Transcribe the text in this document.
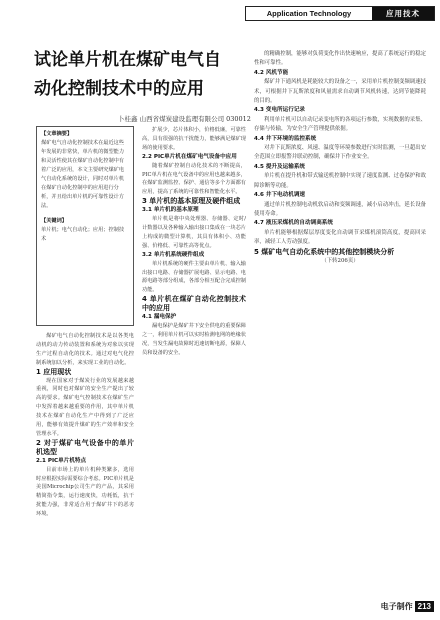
Application Technology	应用技术
试论单片机在煤矿电气自动化控制技术中的应用
卜桂鑫 山西省煤炭建设监理有限公司 030012
【文章摘要】
煤矿电气自动化控制技术在最近这些年发展的非常快，单片机的微型能力和灵活性使其在煤矿自动化控制中有着广泛的应用，本文主要研究煤矿电气自动化系统的设计，同时对单片机在煤矿自动化控制中的应用进行分析，并且给出单片机的可靠性设计方法。
【关键词】
单片机；电气自动化；应用；控制技术

煤矿电气自动化控制技术是以各类电动机的动力传动装置和系统为对象以实现生产过程自动化的技术。通过对电气化控制系统加以分析，来实现工业的自动化。

1 应用现状

现在国家对于煤炭行业的发展越来越重视，同时也对煤矿的安全生产提出了较高的要求。煤矿电气控制技术在煤矿生产中发挥着越来越重要的作用，其中单片机技术在煤矿自动化生产中得到了广泛应用，能够有效提升煤矿的生产效率和安全管理水平。

2 对于煤矿电气设备中的单片机选型

2.1 PIC单片机特点

目前市场上的单片机种类繁多，选用时应根据实际需要综合考虑。PIC单片机是美国Microchip公司生产的产品，其采用精简指令集，运行速度快，功耗低，抗干扰能力强，非常适合用于煤矿井下的恶劣环境。

扩展少，芯片体积小，价格低廉，可靠性高，具有很强的抗干扰能力，能够满足煤矿现场的使用要求。

2.2 PIC单片机在煤矿电气设备中应用

随着煤矿控制自动化技术的不断提高，PIC单片机在电气设备中的应用也越来越多，在煤矿监测监控、保护、通信等多个方面都有应用，提高了系统的可靠性和智能化水平。

3 单片机的基本原理及硬件组成

3.1 单片机的基本原理

单片机是将中央处理器、存储器、定时/计数器以及各种输入输出接口集成在一块芯片上构成的微型计算机，其具有体积小、功能强、价格低、可靠性高等优点。

3.2 单片机系统硬件组成

单片机系统的硬件主要由单片机、输入输出接口电路、存储器扩展电路、显示电路、电源电路等部分组成，各部分相互配合完成控制功能。

4 单片机在煤矿自动化控制技术中的应用

4.1 漏电保护

漏电保护是煤矿井下安全供电的重要保障之一，利用单片机可以实时检测电网的绝缘状况，当发生漏电故障时迅速切断电源，保障人员和设备的安全。

的精确控制，能够对负荷变化作出快速响应，提高了系统运行的稳定性和可靠性。

4.2 风机节能

煤矿井下通风机是耗能较大的设备之一，采用单片机控制变频调速技术，可根据井下瓦斯浓度和风量需求自动调节风机转速，达到节能降耗的目的。

4.3 变电所运行记录

利用单片机可以自动记录变电所的各项运行参数，实现数据的采集、存储与传输，为安全生产管理提供依据。

4.4 井下环境的监控系统

对井下瓦斯浓度、风速、温度等环境参数进行实时监测，一旦超出安全范围立即报警并联动控制，确保井下作业安全。

4.5 提升及运输系统

单片机在提升机和带式输送机控制中实现了速度监测、过卷保护和故障诊断等功能。

4.6 井下电动机调速

通过单片机控制电动机软启动和变频调速，减小启动冲击，延长设备使用寿命。

4.7 液压采煤机的自动调高系统

单片机能够根据煤层厚度变化自动调节采煤机滚筒高度，提高回采率，减轻工人劳动强度。

5 煤矿电气自动化系统中的其他控制模块分析

（下转206页）

电子制作 213
